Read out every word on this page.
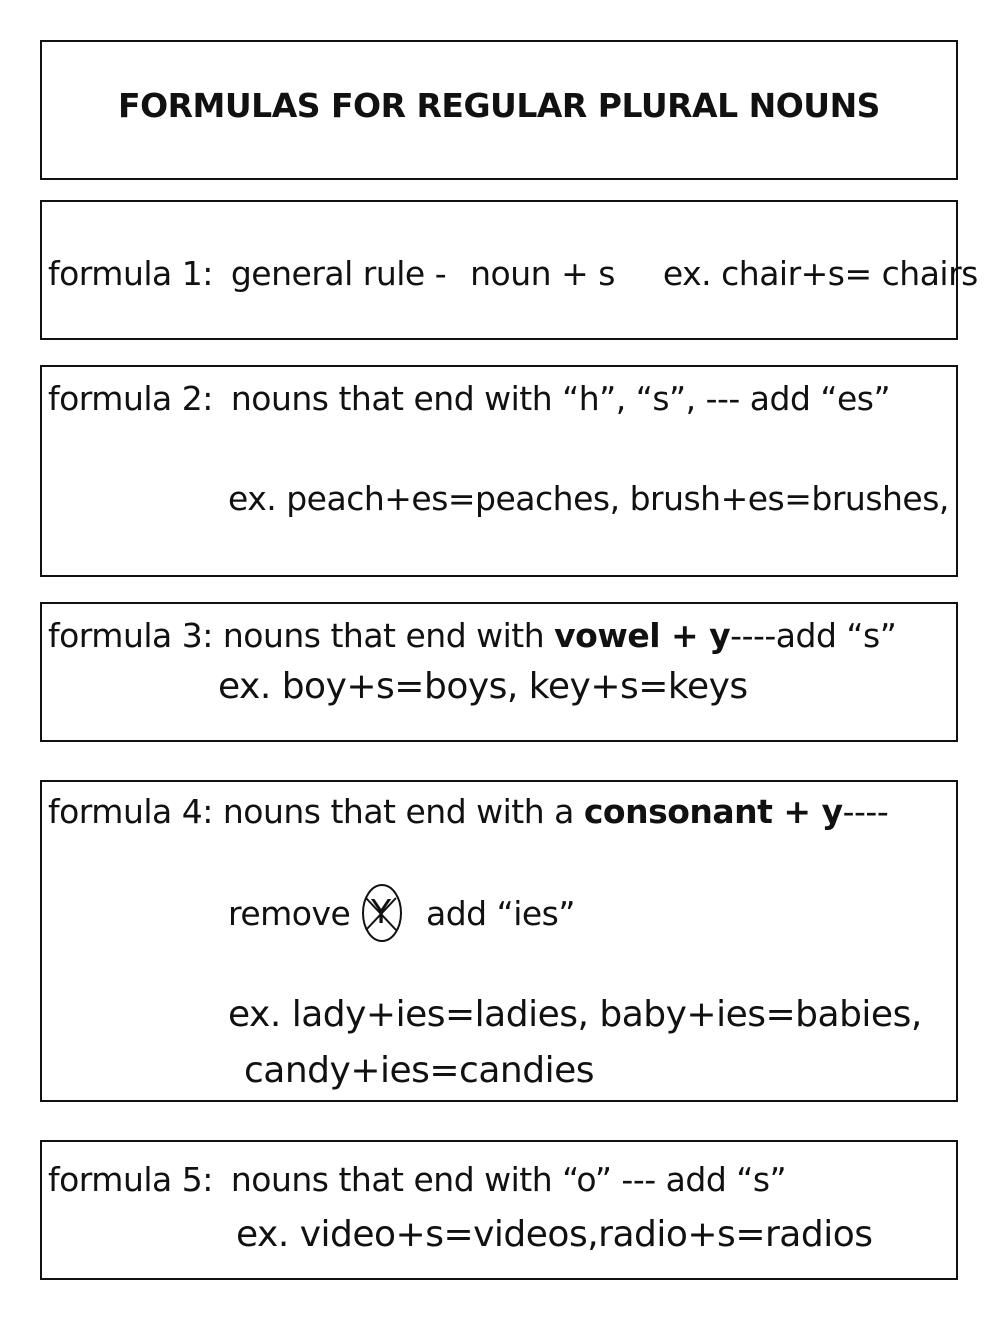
FORMULAS FOR REGULAR PLURAL NOUNS
formula 1: general rule - noun + s ex. chair+s= chairs
formula 2: nouns that end with “h”, “s”, --- add “es”
ex. peach+es=peaches, brush+es=brushes,
formula 3: nouns that end with vowel + y----add “s”
ex. boy+s=boys, key+s=keys
formula 4: nouns that end with a consonant + y----
remove Y add “ies”
ex. lady+ies=ladies, baby+ies=babies,
candy+ies=candies
formula 5: nouns that end with “o” --- add “s”
ex. video+s=videos,radio+s=radios
